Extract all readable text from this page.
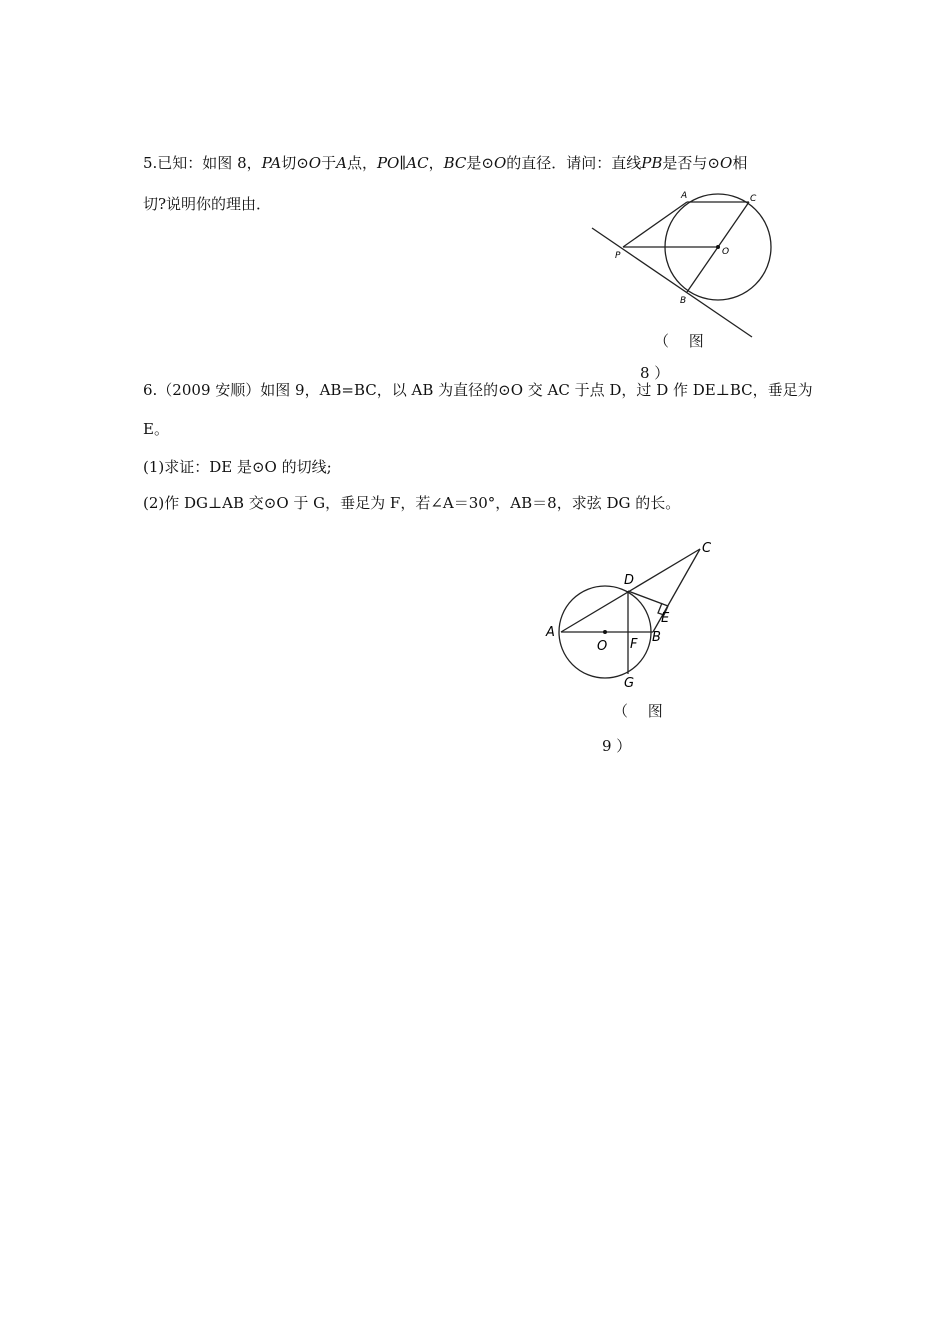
5.已知：如图 8，PA切⊙O于A点，PO∥AC，BC是⊙O的直径．请问：直线PB是否与⊙O相
切?说明你的理由．	A	C
P	O
B
（　 图
8 ）
6.（2009 安顺）如图 9，AB=BC，以 AB 为直径的⊙O 交 AC 于点 D，过 D 作 DE⊥BC，垂足为
E。
(1)求证：DE 是⊙O 的切线;
(2)作 DG⊥AB 交⊙O 于 G，垂足为 F，若∠A＝30°，AB＝8，求弦 DG 的长。
C
D
E
A	B
O F
G
（　 图
9 ）
